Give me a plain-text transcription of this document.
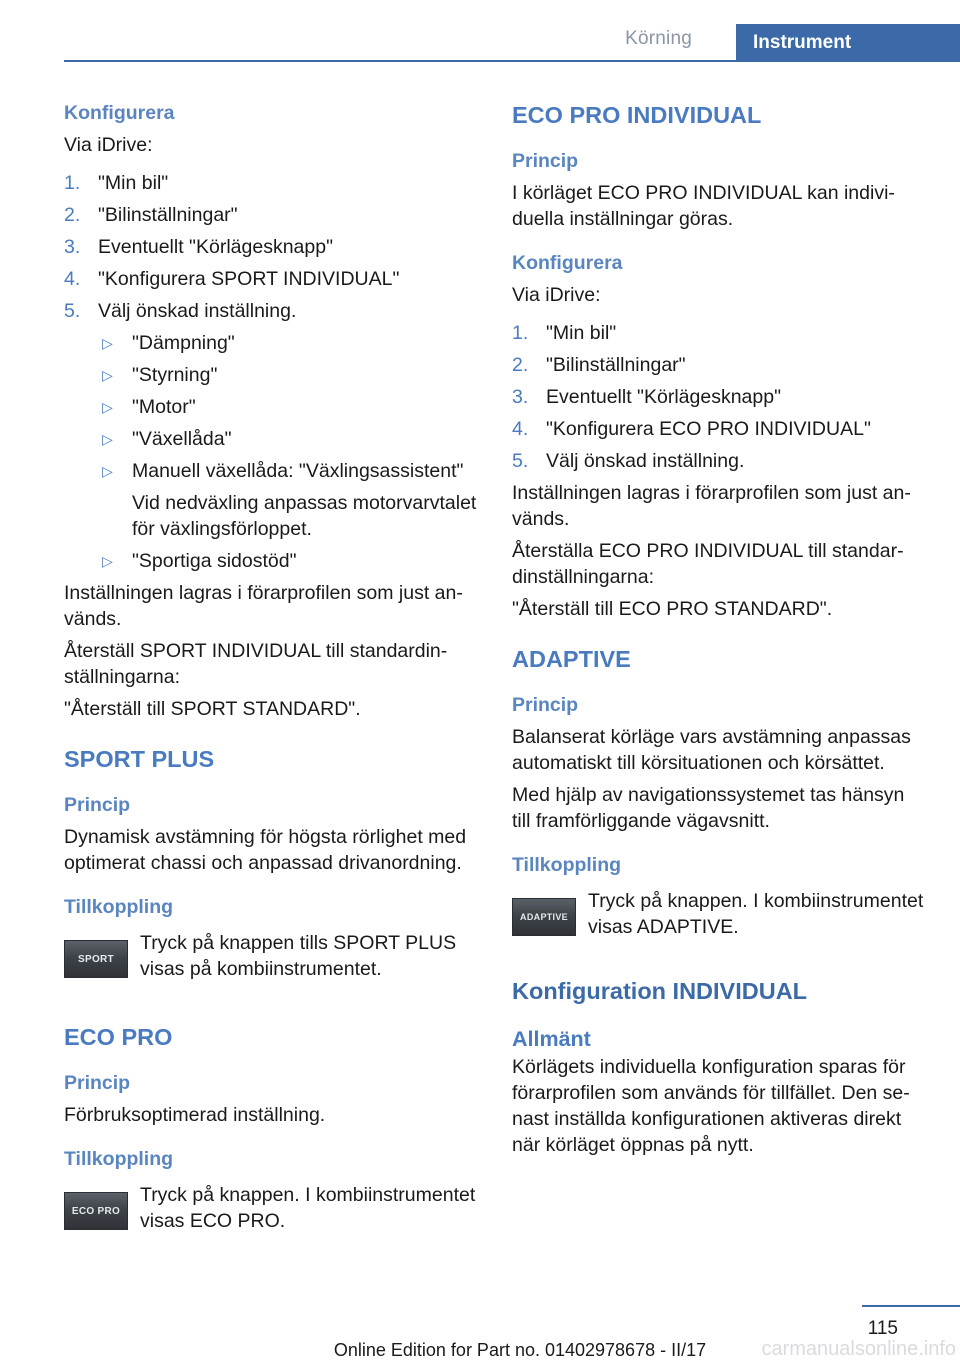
Körning	Instrument
Konfigurera

Via iDrive:

1. "Min bil"
2. "Bilinställningar"
3. Eventuellt "Körlägesknapp"
4. "Konfigurera SPORT INDIVIDUAL"
5. Välj önskad inställning.
▷ "Dämpning"
▷ "Styrning"
▷ "Motor"
▷ "Växellåda"
▷ Manuell växellåda: "Växlingsassistent"
Vid nedväxling anpassas motorvarvtalet för växlingsförloppet.
▷ "Sportiga sidostöd"

Inställningen lagras i förarprofilen som just används.

Återställ SPORT INDIVIDUAL till standardinställningarna:

"Återställ till SPORT STANDARD".

SPORT PLUS
Princip

Dynamisk avstämning för högsta rörlighet med optimerat chassi och anpassad drivanordning.

Tillkoppling
SPORT

Tryck på knappen tills SPORT PLUS visas på kombiinstrumentet.

ECO PRO
Princip

Förbruksoptimerad inställning.

Tillkoppling
ECO PRO

Tryck på knappen. I kombiinstrumentet visas ECO PRO.

ECO PRO INDIVIDUAL
Princip

I körläget ECO PRO INDIVIDUAL kan individuella inställningar göras.

Konfigurera

Via iDrive:

1. "Min bil"
2. "Bilinställningar"
3. Eventuellt "Körlägesknapp"
4. "Konfigurera ECO PRO INDIVIDUAL"
5. Välj önskad inställning.

Inställningen lagras i förarprofilen som just används.

Återställa ECO PRO INDIVIDUAL till standardinställningarna:

"Återställ till ECO PRO STANDARD".

ADAPTIVE
Princip

Balanserat körläge vars avstämning anpassas automatiskt till körsituationen och körsättet.

Med hjälp av navigationssystemet tas hänsyn till framförliggande vägavsnitt.

Tillkoppling
ADAPTIVE

Tryck på knappen. I kombiinstrumentet visas ADAPTIVE.

Konfiguration INDIVIDUAL
Allmänt

Körlägets individuella konfiguration sparas för förarprofilen som används för tillfället. Den senast inställda konfigurationen aktiveras direkt när körläget öppnas på nytt.

115
Online Edition for Part no. 01402978678 - II/17	carmanualsonline.info
